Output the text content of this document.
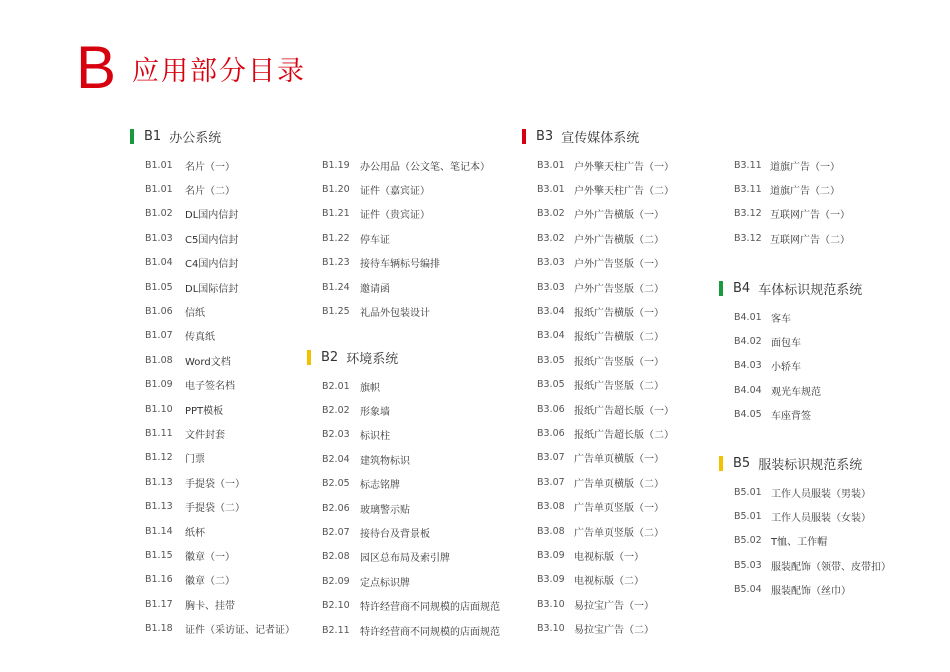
B 应用部分目录
B1 办公系统
B1.01	名片（一）
B1.01	名片（二）
B1.02	DL国内信封
B1.03	C5国内信封
B1.04	C4国内信封
B1.05	DL国际信封
B1.06	信纸
B1.07	传真纸
B1.08	Word文档
B1.09	电子签名档
B1.10	PPT模板
B1.11	文件封套
B1.12	门票
B1.13	手提袋（一）
B1.13	手提袋（二）
B1.14	纸杯
B1.15	徽章（一）
B1.16	徽章（二）
B1.17	胸卡、挂带
B1.18	证件（采访证、记者证）
B1.19	办公用品（公文笔、笔记本）
B1.20	证件（嘉宾证）
B1.21	证件（贵宾证）
B1.22	停车证
B1.23	接待车辆标号编排
B1.24	邀请函
B1.25	礼品外包装设计
B2 环境系统
B2.01	旗帜
B2.02	形象墙
B2.03	标识柱
B2.04	建筑物标识
B2.05	标志铭牌
B2.06	玻璃警示贴
B2.07	接待台及背景板
B2.08	园区总布局及索引牌
B2.09	定点标识牌
B2.10	特许经营商不同规模的店面规范
B2.11	特许经营商不同规模的店面规范
B3 宣传媒体系统
B3.01 户外擎天柱广告（一）
B3.01 户外擎天柱广告（二）
B3.02 户外广告横版（一）
B3.02 户外广告横版（二）
B3.03 户外广告竖版（一）
B3.03 户外广告竖版（二）
B3.04 报纸广告横版（一）
B3.04 报纸广告横版（二）
B3.05 报纸广告竖版（一）
B3.05 报纸广告竖版（二）
B3.06 报纸广告超长版（一）
B3.06 报纸广告超长版（二）
B3.07 广告单页横版（一）
B3.07 广告单页横版（二）
B3.08 广告单页竖版（一）
B3.08 广告单页竖版（二）
B3.09 电视标版（一）
B3.09 电视标版（二）
B3.10 易拉宝广告（一）
B3.10 易拉宝广告（二）
B3.11 道旗广告（一）
B3.11 道旗广告（二）
B3.12 互联网广告（一）
B3.12 互联网广告（二）
B4 车体标识规范系统
B4.01 客车
B4.02 面包车
B4.03 小轿车
B4.04 观光车规范
B4.05 车座背签
B5 服装标识规范系统
B5.01 工作人员服装（男装）
B5.01 工作人员服装（女装）
B5.02 T恤、工作帽
B5.03 服装配饰（领带、皮带扣）
B5.04 服装配饰（丝巾）
